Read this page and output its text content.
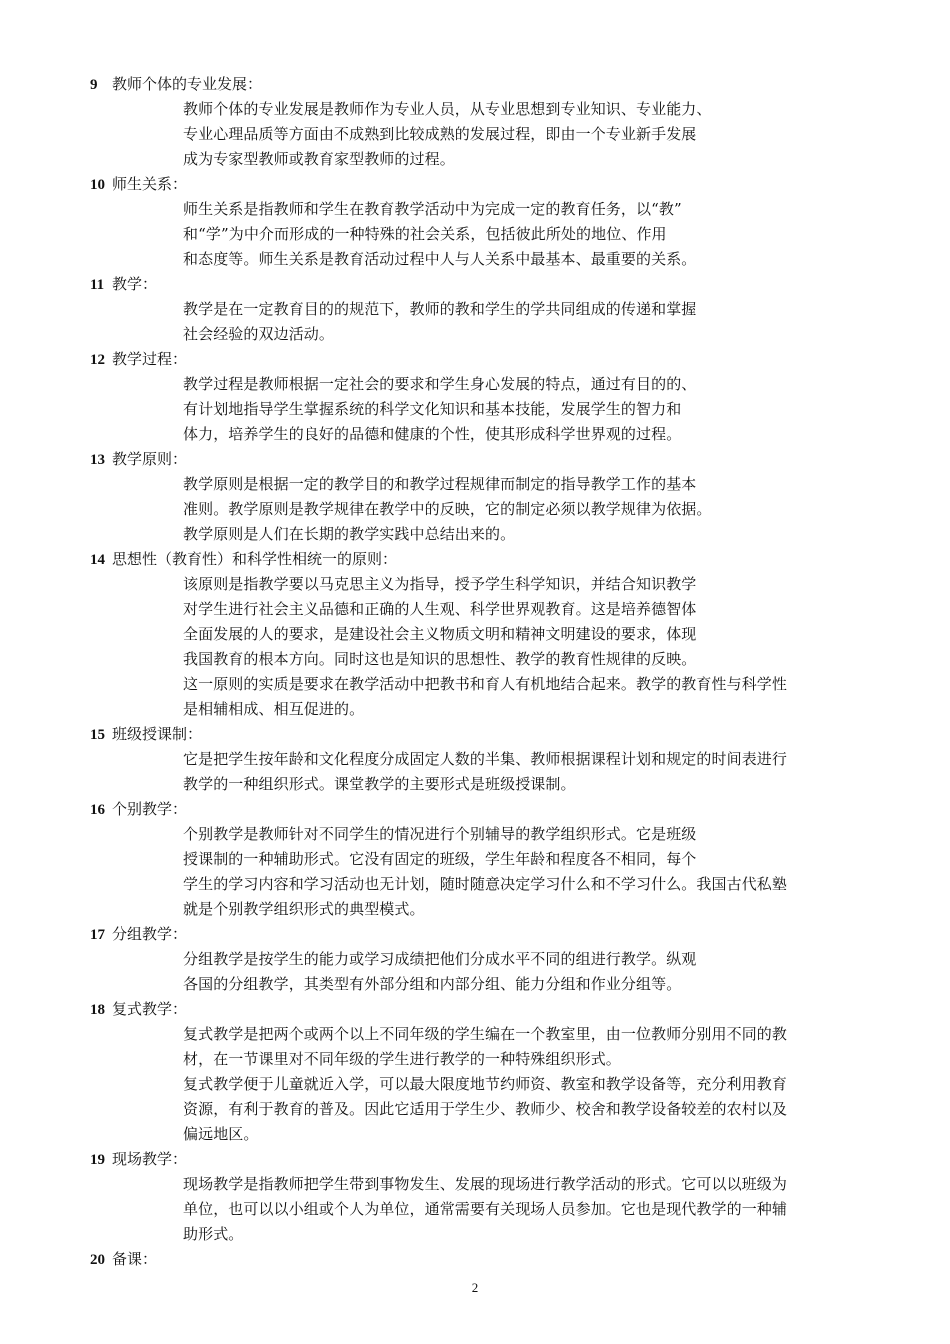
9 教师个体的专业发展：
教师个体的专业发展是教师作为专业人员，从专业思想到专业知识、专业能力、
专业心理品质等方面由不成熟到比较成熟的发展过程，即由一个专业新手发展
成为专家型教师或教育家型教师的过程。
10 师生关系：
师生关系是指教师和学生在教育教学活动中为完成一定的教育任务，以“教”
和“学”为中介而形成的一种特殊的社会关系，包括彼此所处的地位、作用
和态度等。师生关系是教育活动过程中人与人关系中最基本、最重要的关系。
11 教学：
教学是在一定教育目的的规范下，教师的教和学生的学共同组成的传递和掌握
社会经验的双边活动。
12 教学过程：
教学过程是教师根据一定社会的要求和学生身心发展的特点，通过有目的的、
有计划地指导学生掌握系统的科学文化知识和基本技能，发展学生的智力和
体力，培养学生的良好的品德和健康的个性，使其形成科学世界观的过程。
13 教学原则：
教学原则是根据一定的教学目的和教学过程规律而制定的指导教学工作的基本
准则。教学原则是教学规律在教学中的反映，它的制定必须以教学规律为依据。
教学原则是人们在长期的教学实践中总结出来的。
14 思想性（教育性）和科学性相统一的原则：
该原则是指教学要以马克思主义为指导，授予学生科学知识，并结合知识教学
对学生进行社会主义品德和正确的人生观、科学世界观教育。这是培养德智体
全面发展的人的要求，是建设社会主义物质文明和精神文明建设的要求，体现
我国教育的根本方向。同时这也是知识的思想性、教学的教育性规律的反映。
这一原则的实质是要求在教学活动中把教书和育人有机地结合起来。教学的教育性与科学性
是相辅相成、相互促进的。
15 班级授课制：
它是把学生按年龄和文化程度分成固定人数的半集、教师根据课程计划和规定的时间表进行
教学的一种组织形式。课堂教学的主要形式是班级授课制。
16 个别教学：
个别教学是教师针对不同学生的情况进行个别辅导的教学组织形式。它是班级
授课制的一种辅助形式。它没有固定的班级，学生年龄和程度各不相同，每个
学生的学习内容和学习活动也无计划，随时随意决定学习什么和不学习什么。我国古代私塾
就是个别教学组织形式的典型模式。
17 分组教学：
分组教学是按学生的能力或学习成绩把他们分成水平不同的组进行教学。纵观
各国的分组教学，其类型有外部分组和内部分组、能力分组和作业分组等。
18 复式教学：
复式教学是把两个或两个以上不同年级的学生编在一个教室里，由一位教师分别用不同的教
材，在一节课里对不同年级的学生进行教学的一种特殊组织形式。
复式教学便于儿童就近入学，可以最大限度地节约师资、教室和教学设备等，充分利用教育
资源，有利于教育的普及。因此它适用于学生少、教师少、校舍和教学设备较差的农村以及
偏远地区。
19 现场教学：
现场教学是指教师把学生带到事物发生、发展的现场进行教学活动的形式。它可以以班级为
单位，也可以以小组或个人为单位，通常需要有关现场人员参加。它也是现代教学的一种辅
助形式。
20 备课：
2
